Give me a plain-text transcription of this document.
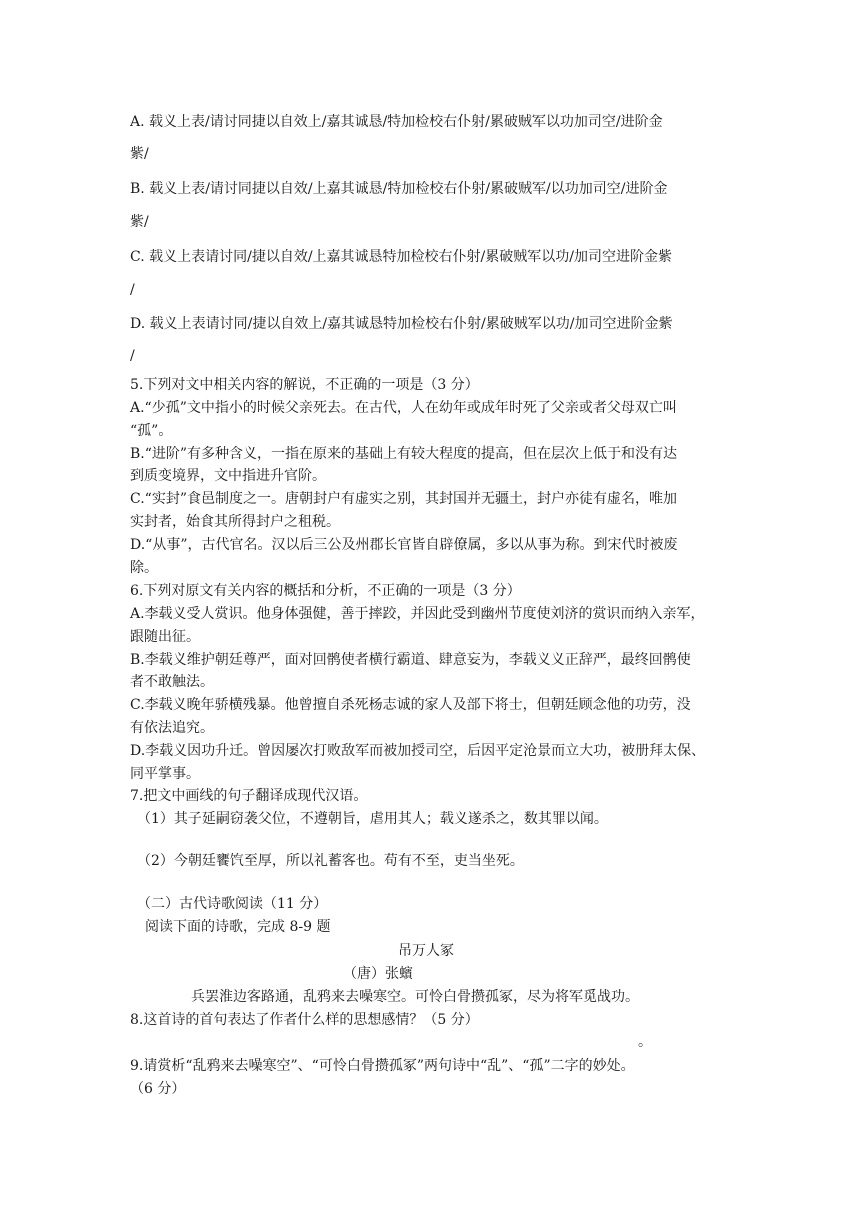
A. 载义上表/请讨同捷以自效上/嘉其诚恳/特加检校右仆射/累破贼军以功加司空/进阶金
紫/
B. 载义上表/请讨同捷以自效/上嘉其诚恳/特加检校右仆射/累破贼军/以功加司空/进阶金
紫/
C. 载义上表请讨同/捷以自效/上嘉其诚恳特加检校右仆射/累破贼军以功/加司空进阶金紫
/
D. 载义上表请讨同/捷以自效上/嘉其诚恳特加检校右仆射/累破贼军以功/加司空进阶金紫
/
5.下列对文中相关内容的解说，不正确的一项是（3 分）
A.“少孤”文中指小的时候父亲死去。在古代，人在幼年或成年时死了父亲或者父母双亡叫
“孤”。
B.“进阶”有多种含义，一指在原来的基础上有较大程度的提高，但在层次上低于和没有达
到质变境界，文中指进升官阶。
C.“实封”食邑制度之一。唐朝封户有虚实之别，其封国并无疆土，封户亦徒有虚名，唯加
实封者，始食其所得封户之租税。
D.“从事”，古代官名。汉以后三公及州郡长官皆自辟僚属，多以从事为称。到宋代时被废
除。
6.下列对原文有关内容的概括和分析，不正确的一项是（3 分）
A.李载义受人赏识。他身体强健，善于摔跤，并因此受到幽州节度使刘济的赏识而纳入亲军，
跟随出征。
B.李载义维护朝廷尊严，面对回鹘使者横行霸道、肆意妄为，李载义义正辞严，最终回鹘使
者不敢触法。
C.李载义晚年骄横残暴。他曾擅自杀死杨志诚的家人及部下将士，但朝廷顾念他的功劳，没
有依法追究。
D.李载义因功升迁。曾因屡次打败敌军而被加授司空，后因平定沧景而立大功，被册拜太保、
同平掌事。
7.把文中画线的句子翻译成现代汉语。
（1）其子延嗣窃袭父位，不遵朝旨，虐用其人；载义遂杀之，数其罪以闻。
（2）今朝廷饔饩至厚，所以礼蓄客也。苟有不至，吏当坐死。
（二）古代诗歌阅读（11 分）
阅读下面的诗歌，完成 8-9 题
吊万人冢
（唐）张蠙
兵罢淮边客路通，乱鸦来去噪寒空。可怜白骨攒孤冢，尽为将军觅战功。
8.这首诗的首句表达了作者什么样的思想感情？（5 分）
。
9.请赏析“乱鸦来去噪寒空”、“可怜白骨攒孤冢”两句诗中“乱”、“孤”二字的妙处。
（6 分）
